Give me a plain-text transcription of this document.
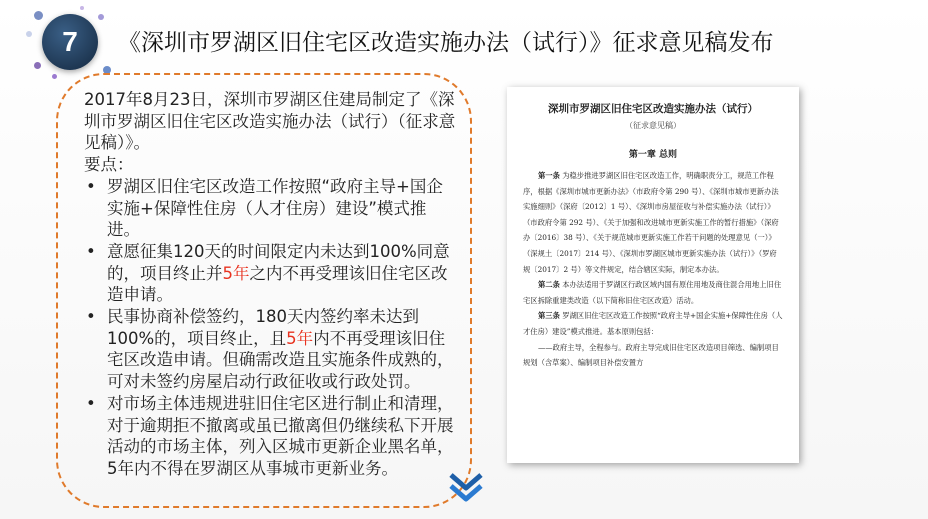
7	《深圳市罗湖区旧住宅区改造实施办法（试行）》征求意见稿发布

2017年8月23日，深圳市罗湖区住建局制定了《深圳市罗湖区旧住宅区改造实施办法（试行）（征求意见稿）》。

要点：

• 罗湖区旧住宅区改造工作按照“政府主导+国企实施+保障性住房（人才住房）建设”模式推进。
• 意愿征集120天的时间限定内未达到100%同意的，项目终止并5年之内不再受理该旧住宅区改造申请。
• 民事协商补偿签约，180天内签约率未达到100%的，项目终止，且5年内不再受理该旧住宅区改造申请。但确需改造且实施条件成熟的，可对未签约房屋启动行政征收或行政处罚。
• 对市场主体违规进驻旧住宅区进行制止和清理，对于逾期拒不撤离或虽已撤离但仍继续私下开展活动的市场主体，列入区城市更新企业黑名单，5年内不得在罗湖区从事城市更新业务。
深圳市罗湖区旧住宅区改造实施办法（试行）
（征求意见稿）
第一章 总则

第一条 为稳步推进罗湖区旧住宅区改造工作，明确职责分工，规范工作程序，根据《深圳市城市更新办法》（市政府令第 290 号）、《深圳市城市更新办法实施细则》（深府〔2012〕1 号）、《深圳市房屋征收与补偿实施办法（试行）》（市政府令第 292 号）、《关于加强和改进城市更新实施工作的暂行措施》（深府办〔2016〕38 号）、《关于规范城市更新实施工作若干问题的处理意见（一）》（深规土〔2017〕214 号）、《深圳市罗湖区城市更新实施办法（试行）》（罗府规〔2017〕2 号）等文件规定，结合辖区实际，制定本办法。

第二条 本办法适用于罗湖区行政区域内国有原住用地及商住混合用地上旧住宅区拆除重建类改造（以下简称旧住宅区改造）活动。

第三条 罗湖区旧住宅区改造工作按照“政府主导+国企实施+保障性住房（人才住房）建设”模式推进。基本原则包括：

——政府主导，全程参与。政府主导完成旧住宅区改造项目筛选、编制项目规划（含草案）、编制项目补偿安置方
